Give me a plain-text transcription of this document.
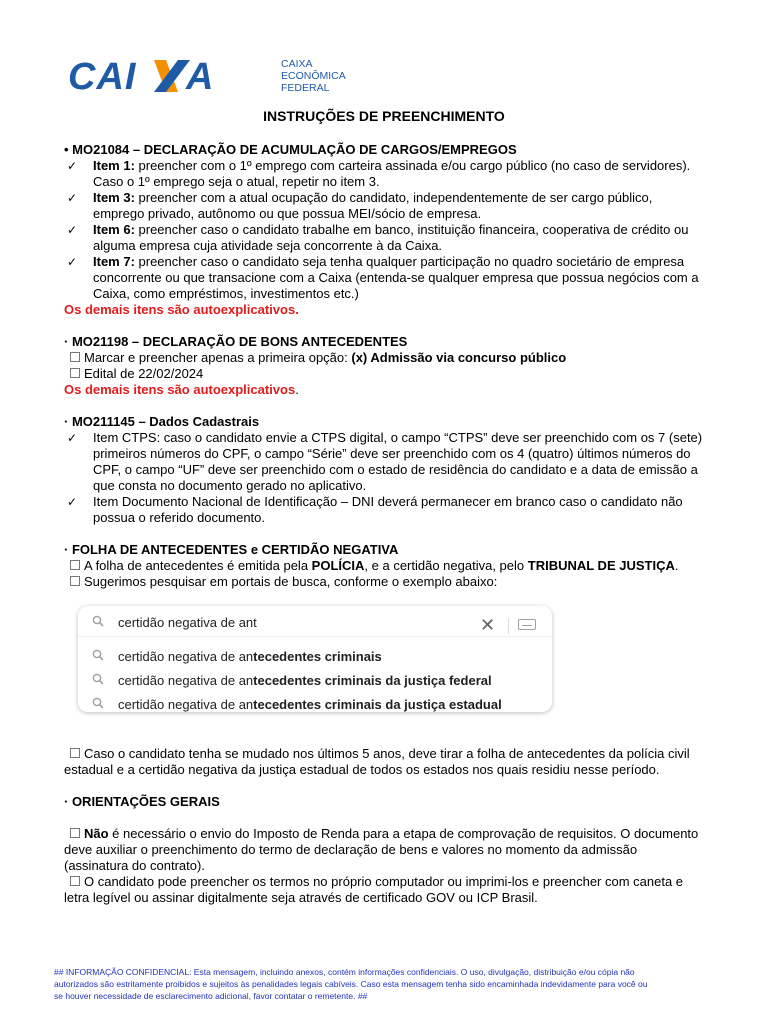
CAI A	CAIXA
ECONÔMICA
FEDERAL
INSTRUÇÕES DE PREENCHIMENTO

• MO21084 – DECLARAÇÃO DE ACUMULAÇÃO DE CARGOS/EMPREGOS

✓ Item 1: preencher com o 1º emprego com carteira assinada e/ou cargo público (no caso de servidores). Caso o 1º emprego seja o atual, repetir no item 3.

✓ Item 3: preencher com a atual ocupação do candidato, independentemente de ser cargo público, emprego privado, autônomo ou que possua MEI/sócio de empresa.

✓ Item 6: preencher caso o candidato trabalhe em banco, instituição financeira, cooperativa de crédito ou alguma empresa cuja atividade seja concorrente à da Caixa.

✓ Item 7: preencher caso o candidato seja tenha qualquer participação no quadro societário de empresa concorrente ou que transacione com a Caixa (entenda-se qualquer empresa que possua negócios com a Caixa, como empréstimos, investimentos etc.)

Os demais itens são autoexplicativos.

· MO21198 – DECLARAÇÃO DE BONS ANTECEDENTES

Marcar e preencher apenas a primeira opção: (x) Admissão via concurso público

Edital de 22/02/2024

Os demais itens são autoexplicativos.

· MO211145 – Dados Cadastrais

✓ Item CTPS: caso o candidato envie a CTPS digital, o campo “CTPS” deve ser preenchido com os 7 (sete) primeiros números do CPF, o campo “Série” deve ser preenchido com os 4 (quatro) últimos números do CPF, o campo “UF” deve ser preenchido com o estado de residência do candidato e a data de emissão a que consta no documento gerado no aplicativo.

✓ Item Documento Nacional de Identificação – DNI deverá permanecer em branco caso o candidato não possua o referido documento.

· FOLHA DE ANTECEDENTES e CERTIDÃO NEGATIVA

A folha de antecedentes é emitida pela POLÍCIA, e a certidão negativa, pelo TRIBUNAL DE JUSTIÇA.

Sugerimos pesquisar em portais de busca, conforme o exemplo abaixo:

certidão negativa de ant	✕
certidão negativa de antecedentes criminais
certidão negativa de antecedentes criminais da justiça federal
certidão negativa de antecedentes criminais da justiça estadual

Caso o candidato tenha se mudado nos últimos 5 anos, deve tirar a folha de antecedentes da polícia civil estadual e a certidão negativa da justiça estadual de todos os estados nos quais residiu nesse período.

· ORIENTAÇÕES GERAIS

Não é necessário o envio do Imposto de Renda para a etapa de comprovação de requisitos. O documento deve auxiliar o preenchimento do termo de declaração de bens e valores no momento da admissão (assinatura do contrato).

O candidato pode preencher os termos no próprio computador ou imprimi-los e preencher com caneta e letra legível ou assinar digitalmente seja através de certificado GOV ou ICP Brasil.

## INFORMAÇÃO CONFIDENCIAL: Esta mensagem, incluindo anexos, contém informações confidenciais. O uso, divulgação, distribuição e/ou cópia não autorizados são estritamente proibidos e sujeitos às penalidades legais cabíveis. Caso esta mensagem tenha sido encaminhada indevidamente para você ou se houver necessidade de esclarecimento adicional, favor contatar o remetente. ##
